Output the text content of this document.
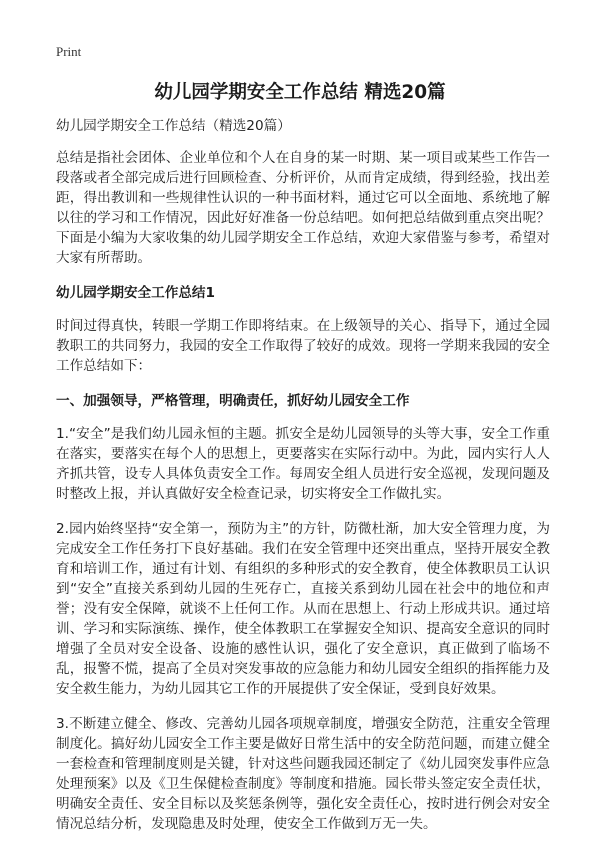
Print
幼儿园学期安全工作总结 精选20篇

幼儿园学期安全工作总结（精选20篇）

总结是指社会团体、企业单位和个人在自身的某一时期、某一项目或某些工作告一段落或者全部完成后进行回顾检查、分析评价，从而肯定成绩，得到经验，找出差距，得出教训和一些规律性认识的一种书面材料，通过它可以全面地、系统地了解以往的学习和工作情况，因此好好准备一份总结吧。如何把总结做到重点突出呢？下面是小编为大家收集的幼儿园学期安全工作总结，欢迎大家借鉴与参考，希望对大家有所帮助。

幼儿园学期安全工作总结1

时间过得真快，转眼一学期工作即将结束。在上级领导的关心、指导下，通过全园教职工的共同努力，我园的安全工作取得了较好的成效。现将一学期来我园的安全工作总结如下：

一、加强领导，严格管理，明确责任，抓好幼儿园安全工作

1.“安全”是我们幼儿园永恒的主题。抓安全是幼儿园领导的头等大事，安全工作重在落实，要落实在每个人的思想上，更要落实在实际行动中。为此，园内实行人人齐抓共管，设专人具体负责安全工作。每周安全组人员进行安全巡视，发现问题及时整改上报，并认真做好安全检查记录，切实将安全工作做扎实。

2.园内始终坚持“安全第一，预防为主”的方针，防微杜渐，加大安全管理力度，为完成安全工作任务打下良好基础。我们在安全管理中还突出重点，坚持开展安全教育和培训工作，通过有计划、有组织的多种形式的安全教育，使全体教职员工认识到“安全”直接关系到幼儿园的生死存亡，直接关系到幼儿园在社会中的地位和声誉；没有安全保障，就谈不上任何工作。从而在思想上、行动上形成共识。通过培训、学习和实际演练、操作，使全体教职工在掌握安全知识、提高安全意识的同时增强了全员对安全设备、设施的感性认识，强化了安全意识，真正做到了临场不乱，报警不慌，提高了全员对突发事故的应急能力和幼儿园安全组织的指挥能力及安全救生能力，为幼儿园其它工作的开展提供了安全保证，受到良好效果。

3.不断建立健全、修改、完善幼儿园各项规章制度，增强安全防范，注重安全管理制度化。搞好幼儿园安全工作主要是做好日常生活中的安全防范问题，而建立健全一套检查和管理制度则是关键，针对这些问题我园还制定了《幼儿园突发事件应急处理预案》以及《卫生保健检查制度》等制度和措施。园长带头签定安全责任状，明确安全责任、安全目标以及奖惩条例等，强化安全责任心，按时进行例会对安全情况总结分析，发现隐患及时处理，使安全工作做到万无一失。
